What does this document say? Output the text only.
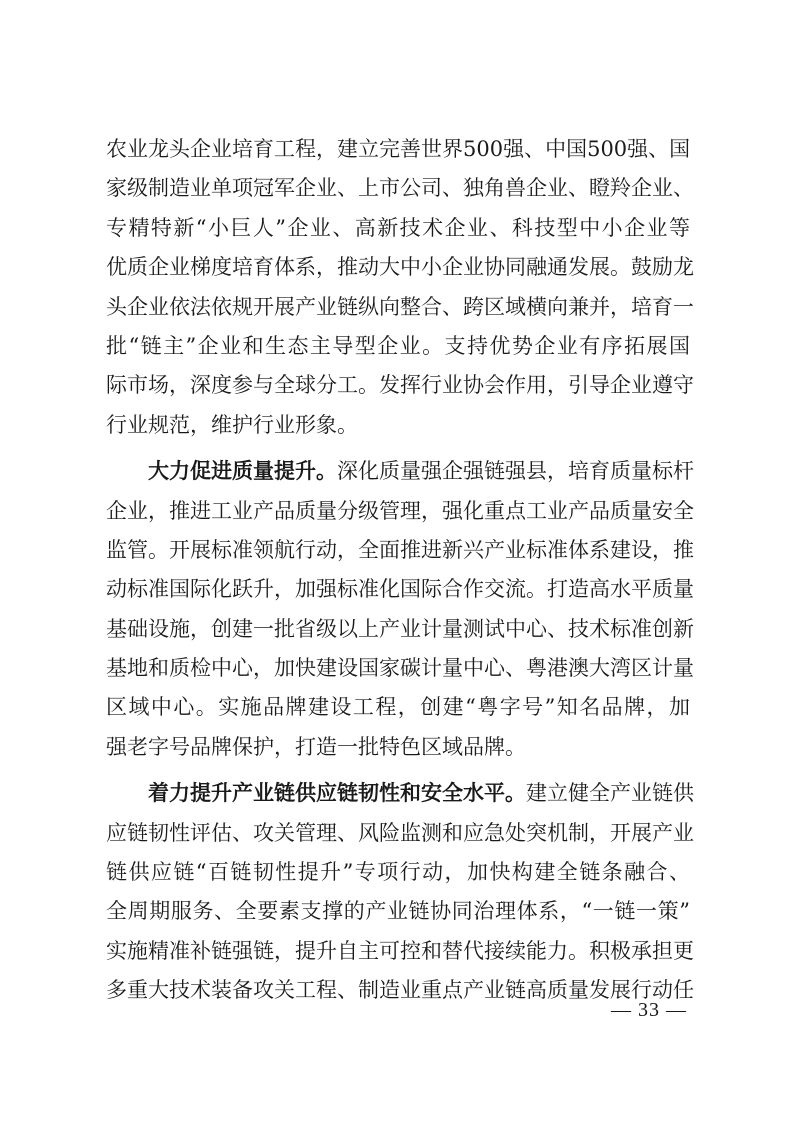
农业龙头企业培育工程，建立完善世界500强、中国500强、国
家级制造业单项冠军企业、上市公司、独角兽企业、瞪羚企业、
专精特新“小巨人”企业、高新技术企业、科技型中小企业等
优质企业梯度培育体系，推动大中小企业协同融通发展。鼓励龙
头企业依法依规开展产业链纵向整合、跨区域横向兼并，培育一
批“链主”企业和生态主导型企业。支持优势企业有序拓展国
际市场，深度参与全球分工。发挥行业协会作用，引导企业遵守
行业规范，维护行业形象。
大力促进质量提升。深化质量强企强链强县，培育质量标杆
企业，推进工业产品质量分级管理，强化重点工业产品质量安全
监管。开展标准领航行动，全面推进新兴产业标准体系建设，推
动标准国际化跃升，加强标准化国际合作交流。打造高水平质量
基础设施，创建一批省级以上产业计量测试中心、技术标准创新
基地和质检中心，加快建设国家碳计量中心、粤港澳大湾区计量
区域中心。实施品牌建设工程，创建“粤字号”知名品牌，加
强老字号品牌保护，打造一批特色区域品牌。
着力提升产业链供应链韧性和安全水平。建立健全产业链供
应链韧性评估、攻关管理、风险监测和应急处突机制，开展产业
链供应链“百链韧性提升”专项行动，加快构建全链条融合、
全周期服务、全要素支撑的产业链协同治理体系，“一链一策”
实施精准补链强链，提升自主可控和替代接续能力。积极承担更
多重大技术装备攻关工程、制造业重点产业链高质量发展行动任
— 33 —
